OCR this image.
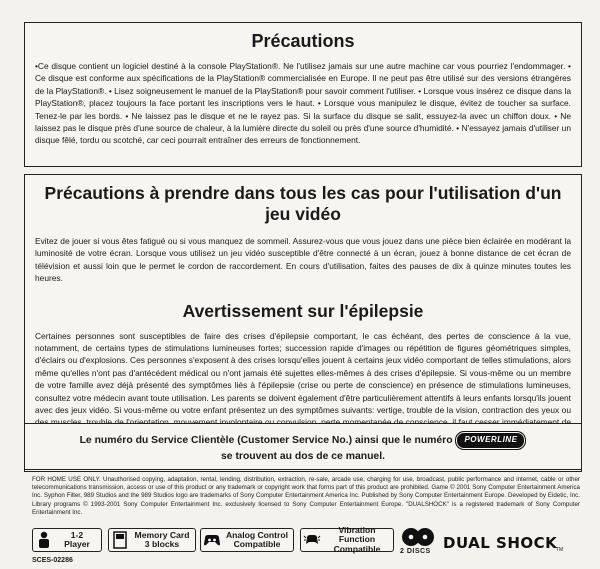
Précautions
•Ce disque contient un logiciel destiné à la console PlayStation®. Ne l'utilisez jamais sur une autre machine car vous pourriez l'endommager. • Ce disque est conforme aux spécifications de la PlayStation® commercialisée en Europe. Il ne peut pas être utilisé sur des versions étrangères de la PlayStation®. • Lisez soigneusement le manuel de la PlayStation® pour savoir comment l'utiliser. • Lorsque vous insérez ce disque dans la PlayStation®, placez toujours la face portant les inscriptions vers le haut. • Lorsque vous manipulez le disque, évitez de toucher sa surface. Tenez-le par les bords. • Ne laissez pas le disque et ne le rayez pas. Si la surface du disque se salit, essuyez-la avec un chiffon doux. • Ne laissez pas le disque près d'une source de chaleur, à la lumière directe du soleil ou près d'une source d'humidité. • N'essayez jamais d'utiliser un disque fêlé, tordu ou scotché, car ceci pourrait entraîner des erreurs de fonctionnement.
Précautions à prendre dans tous les cas pour l'utilisation d'un jeu vidéo
Evitez de jouer si vous êtes fatigué ou si vous manquez de sommeil. Assurez-vous que vous jouez dans une pièce bien éclairée en modérant la luminosité de votre écran. Lorsque vous utilisez un jeu vidéo susceptible d'être connecté à un écran, jouez à bonne distance de cet écran de télévision et aussi loin que le permet le cordon de raccordement. En cours d'utilisation, faites des pauses de dix à quinze minutes toutes les heures.
Avertissement sur l'épilepsie
Certaines personnes sont susceptibles de faire des crises d'épilepsie comportant, le cas échéant, des pertes de conscience à la vue, notamment, de certains types de stimulations lumineuses fortes; succession rapide d'images ou répétition de figures géométriques simples, d'éclairs ou d'explosions. Ces personnes s'exposent à des crises lorsqu'elles jouent à certains jeux vidéo comportant de telles stimulations, alors même qu'elles n'ont pas d'antécédent médical ou n'ont jamais été sujettes elles-mêmes à des crises d'épilepsie. Si vous-même ou un membre de votre famille avez déjà présenté des symptômes liés à l'épilepsie (crise ou perte de conscience) en présence de stimulations lumineuses, consultez votre médecin avant toute utilisation. Les parents se doivent également d'être particulièrement attentifs à leurs enfants lorsqu'ils jouent avec des jeux vidéo. Si vous-même ou votre enfant présentez un des symptômes suivants: vertige, trouble de la vision, contraction des yeux ou
Le numéro du Service Clientèle (Customer Service No.) ainsi que le numéro POWERLINE
se trouvent au dos de ce manuel.
FOR HOME USE ONLY. Unauthorised copying, adaptation, rental, lending, distribution, extraction, re-sale, arcade use, charging for use, broadcast, public performance and internet, cable or other telecommunications transmission, access or use of this product or any trademark or copyright work that forms part of this product are prohibited. Game © 2001 Sony Computer Entertainment America Inc. Syphon Filter, 989 Studios and the 989 Studios logo are trademarks of Sony Computer Entertainment America Inc. Published by Sony Computer Entertainment Europe. Developed by Eidetic, Inc. Library programs © 1993-2001 Sony Computer Entertainment Inc. exclusively licensed to Sony Computer Entertainment Europe. "DUALSHOCK" is a registered trademark of Sony Computer Entertainment Inc.
1-2
Player
Memory Card
3 blocks
Analog Control
Compatible
Vibration Function
Compatible	2 DISCS DUAL SHOCK
TM
SCES-02286
